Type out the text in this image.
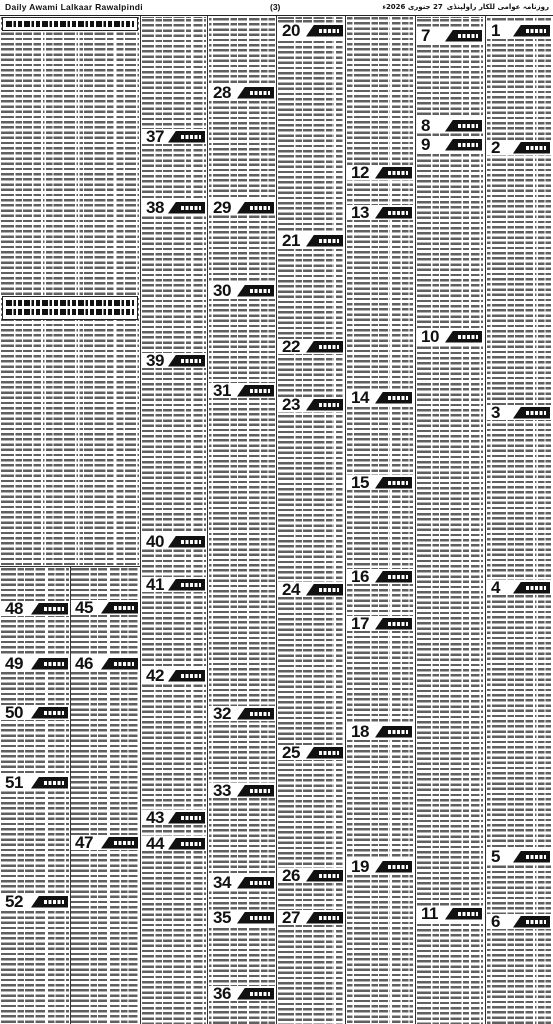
Daily Awami Lalkaar Rawalpindi	(3)	روزنامہ عوامی للکار راولپنڈی27 جنوری 2026ء
1
2
3
4
5
6
7
8
9
10
11
12
13
14
15
16
17
18
19
20
21
22
23
24
25
26
27
28
29
30
31
32
33
34
35
36
37
38
39
40
41
42
43
44
45
46
47
48
49
50
51
52
